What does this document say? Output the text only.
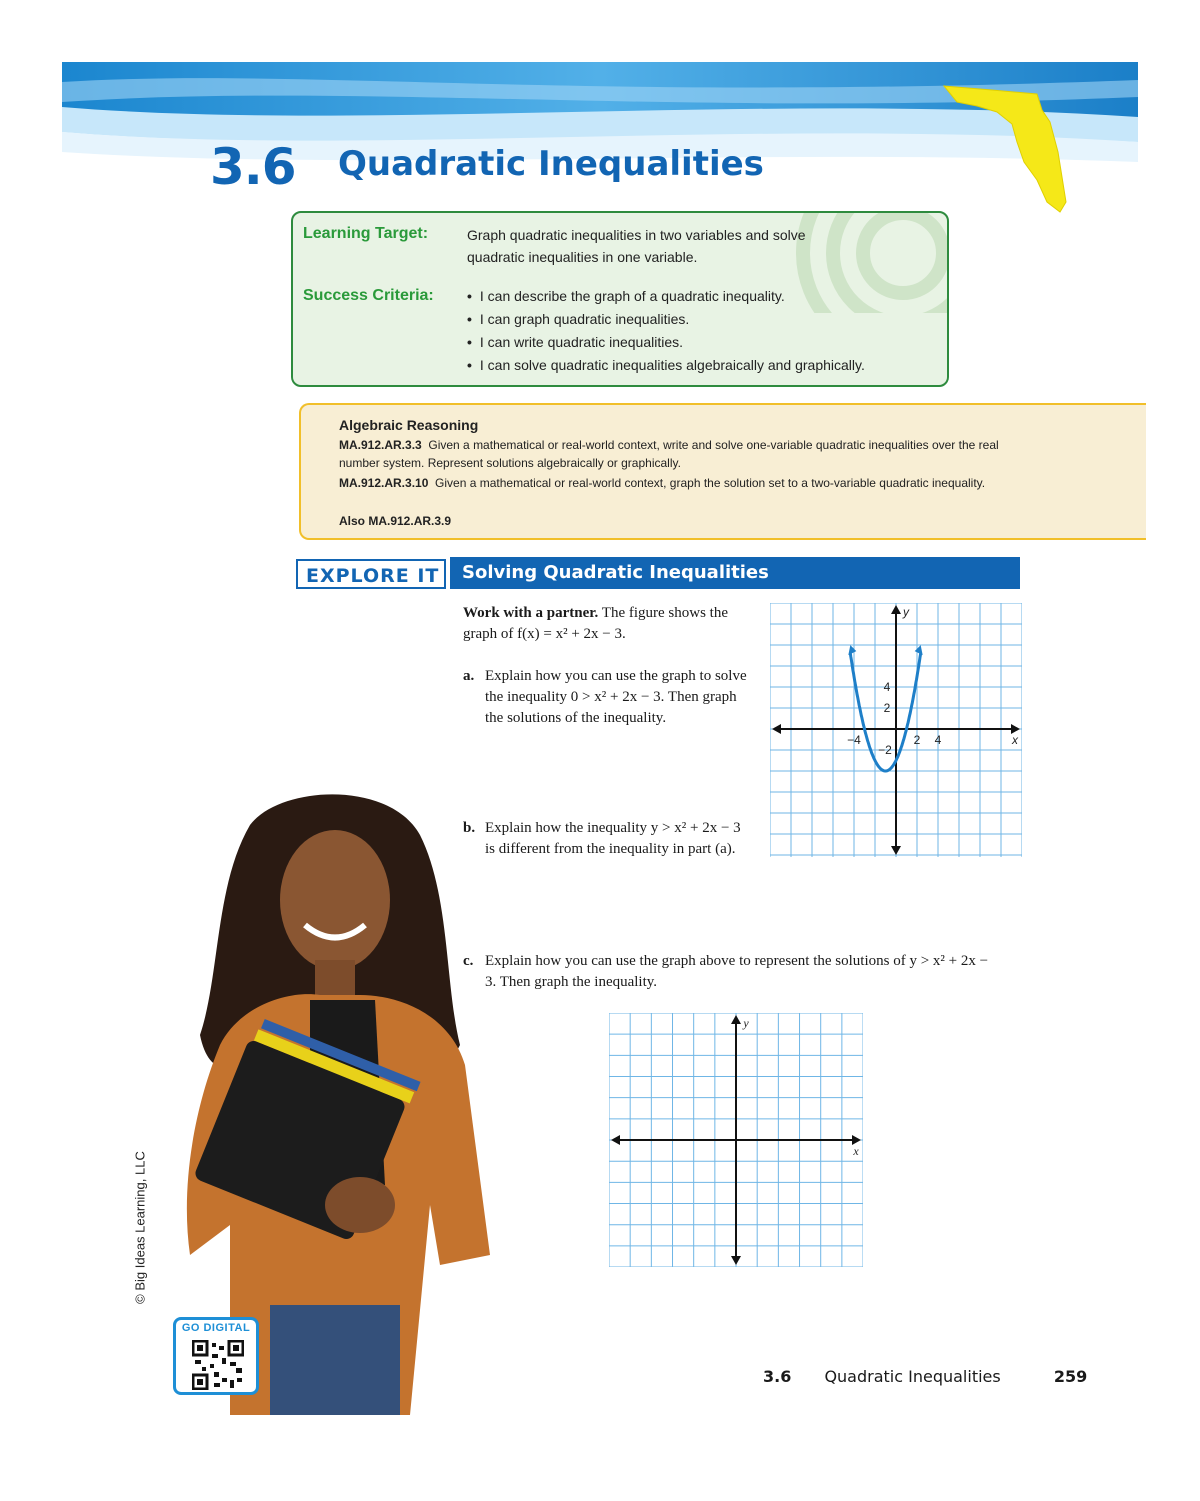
3.6 Quadratic Inequalities
Learning Target:	Graph quadratic inequalities in two variables and solve
quadratic inequalities in one variable.
Success Criteria:
•	I can describe the graph of a quadratic inequality.
• I can graph quadratic inequalities.
• I can write quadratic inequalities.
• I can solve quadratic inequalities algebraically and graphically.
Algebraic Reasoning
MA.912.AR.3.3 Given a mathematical or real-world context, write and solve one-variable quadratic inequalities over the real number system. Represent solutions algebraically or graphically.
MA.912.AR.3.10 Given a mathematical or real-world context, graph the solution set to a two-variable quadratic inequality.
Also MA.912.AR.3.9
EXPLORE IT	Solving Quadratic Inequalities
Work with a partner. The figure shows the graph of f(x) = x² + 2x − 3.
a. Explain how you can use the graph to solve the inequality 0 > x² + 2x − 3. Then graph the solutions of the inequality.
b. Explain how the inequality y > x² + 2x − 3 is different from the inequality in part (a).
c. Explain how you can use the graph above to represent the solutions of y > x² + 2x − 3. Then graph the inequality.
−4	2 4	x
4
2
−2
y
x
y
© Big Ideas Learning, LLC
GO DIGITAL
3.6 Quadratic Inequalities	259
